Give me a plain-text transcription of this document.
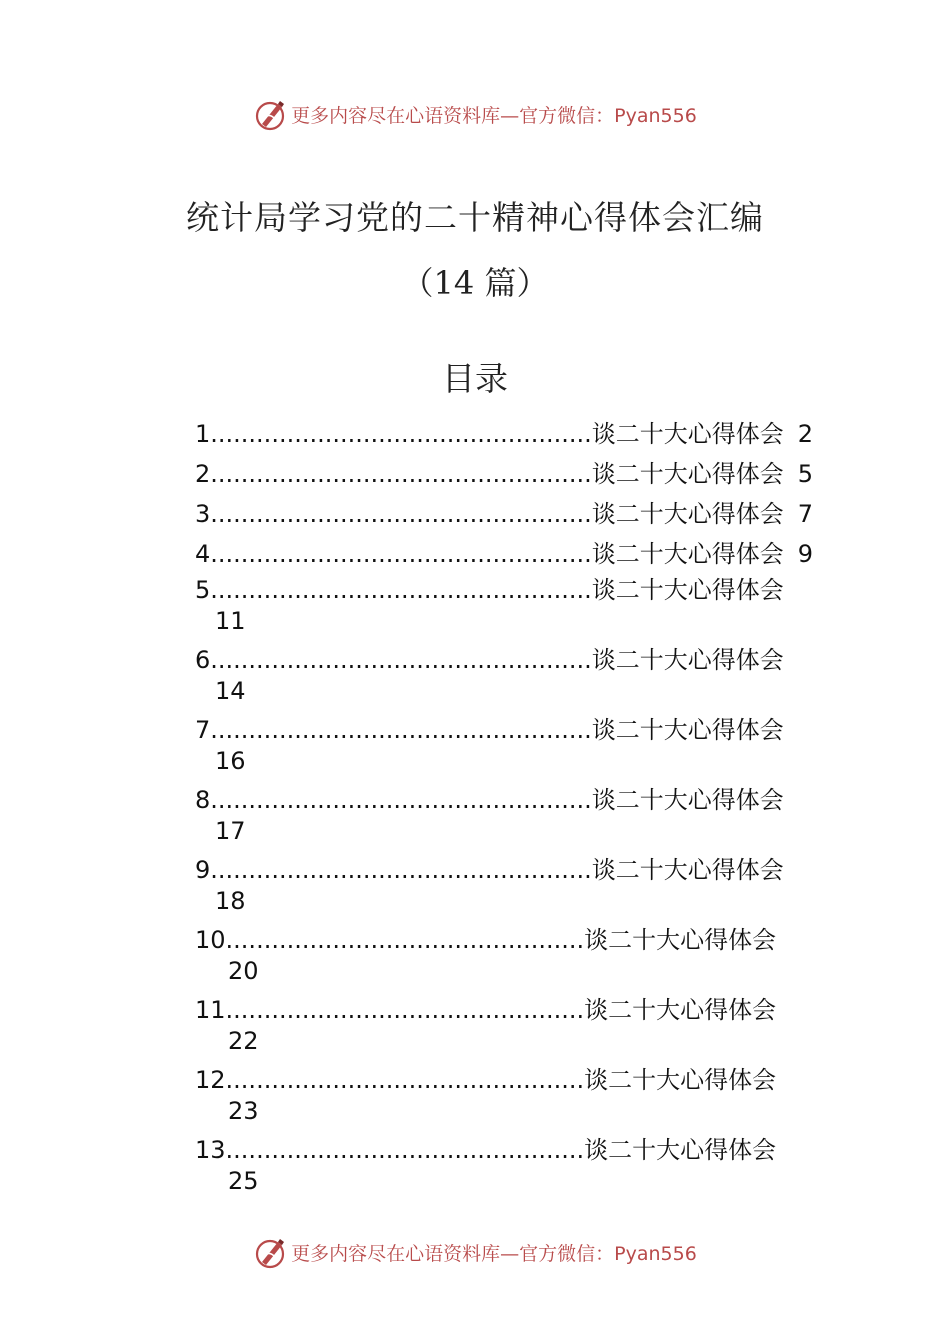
更多内容尽在心语资料库—官方微信：Pyan556
统计局学习党的二十精神心得体会汇编
（14 篇）
目录
1 .................................................. 谈二十大心得体会 2
2 .................................................. 谈二十大心得体会 5
3 .................................................. 谈二十大心得体会 7
4 .................................................. 谈二十大心得体会 9
5 .................................................. 谈二十大心得体会
11
6 .................................................. 谈二十大心得体会
14
7 .................................................. 谈二十大心得体会
16
8 .................................................. 谈二十大心得体会
17
9 .................................................. 谈二十大心得体会
18
10 ............................................... 谈二十大心得体会
20
11 ............................................... 谈二十大心得体会
22
12 ............................................... 谈二十大心得体会
23
13 ............................................... 谈二十大心得体会
25
更多内容尽在心语资料库—官方微信：Pyan556
